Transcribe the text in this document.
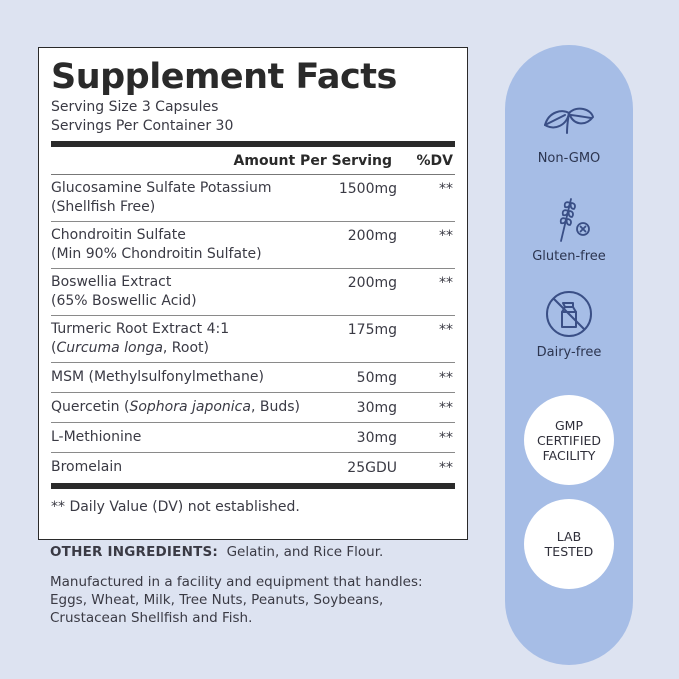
Supplement Facts
Serving Size 3 Capsules
Servings Per Container 30
Amount Per Serving %DV
Glucosamine Sulfate Potassium
(Shellfish Free)
1500mg	**
Chondroitin Sulfate
(Min 90% Chondroitin Sulfate)
200mg	**
Boswellia Extract
(65% Boswellic Acid)
200mg	**
Turmeric Root Extract 4:1
(Curcuma longa, Root)
175mg	**
MSM (Methylsulfonylmethane)	50mg	**
Quercetin (Sophora japonica, Buds)	30mg	**
L-Methionine	30mg	**
Bromelain	25GDU	**
** Daily Value (DV) not established.
OTHER INGREDIENTS: Gelatin, and Rice Flour.
Manufactured in a facility and equipment that handles:
Eggs, Wheat, Milk, Tree Nuts, Peanuts, Soybeans,
Crustacean Shellfish and Fish.
Non-GMO
Gluten-free
Dairy-free
GMP
CERTIFIED
FACILITY
LAB
TESTED
